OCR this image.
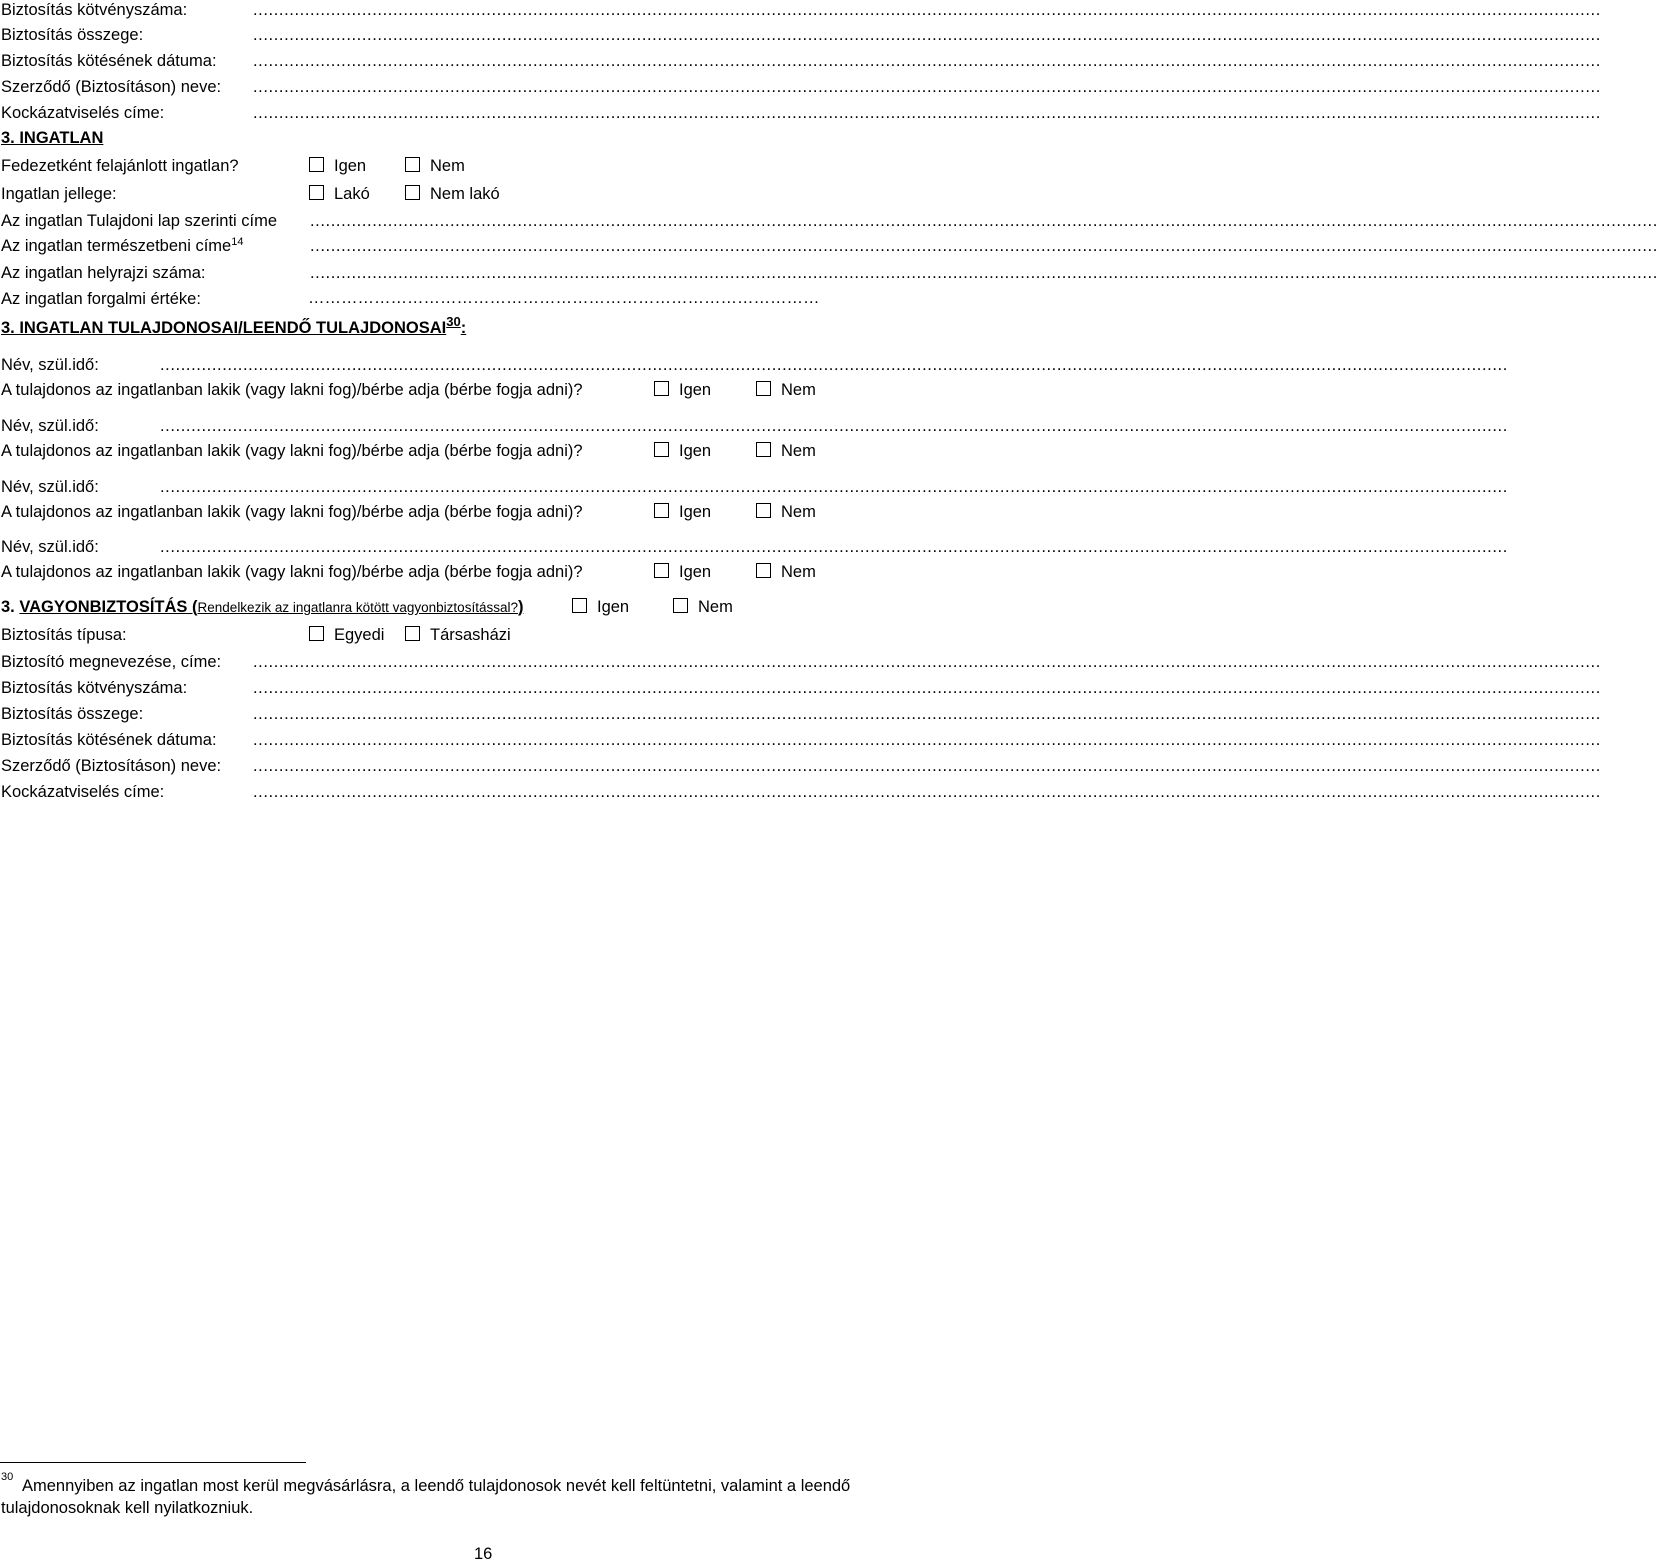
Biztosítás kötvényszáma:	....................................................................................................................................................................................................................................................................
Biztosítás összege:	....................................................................................................................................................................................................................................................................
Biztosítás kötésének dátuma: ....................................................................................................................................................................................................................................................................
Szerződő (Biztosításon) neve: ....................................................................................................................................................................................................................................................................
Kockázatviselés címe:	....................................................................................................................................................................................................................................................................
3. INGATLAN
Fedezetként felajánlott ingatlan?	Igen	Nem
Ingatlan jellege:	Lakó	Nem lakó
Az ingatlan Tulajdoni lap szerinti címe ....................................................................................................................................................................................................................................................................
Az ingatlan természetbeni címe$^{14}$	....................................................................................................................................................................................................................................................................
Az ingatlan helyrajzi száma:	....................................................................................................................................................................................................................................................................
Az ingatlan forgalmi értéke:	…………………………………………………………………………………
3. INGATLAN TULAJDONOSAI/LEENDŐ TULAJDONOSAI$^{30}$:
Név, szül.idő:	....................................................................................................................................................................................................................................................................
A tulajdonos az ingatlanban lakik (vagy lakni fog)/bérbe adja (bérbe fogja adni)?	Igen	Nem
Név, szül.idő:	....................................................................................................................................................................................................................................................................
A tulajdonos az ingatlanban lakik (vagy lakni fog)/bérbe adja (bérbe fogja adni)?	Igen	Nem
Név, szül.idő:	....................................................................................................................................................................................................................................................................
A tulajdonos az ingatlanban lakik (vagy lakni fog)/bérbe adja (bérbe fogja adni)?	Igen	Nem
Név, szül.idő:	....................................................................................................................................................................................................................................................................
A tulajdonos az ingatlanban lakik (vagy lakni fog)/bérbe adja (bérbe fogja adni)?	Igen	Nem
3. VAGYONBIZTOSÍTÁS (Rendelkezik az ingatlanra kötött vagyonbiztosítással?)	Igen	Nem
Biztosítás típusa:	Egyedi	Társasházi
Biztosító megnevezése, címe: ....................................................................................................................................................................................................................................................................
Biztosítás kötvényszáma:	....................................................................................................................................................................................................................................................................
Biztosítás összege:	....................................................................................................................................................................................................................................................................
Biztosítás kötésének dátuma: ....................................................................................................................................................................................................................................................................
Szerződő (Biztosításon) neve: ....................................................................................................................................................................................................................................................................
Kockázatviselés címe:	....................................................................................................................................................................................................................................................................
30 Amennyiben az ingatlan most kerül megvásárlásra, a leendő tulajdonosok nevét kell feltüntetni, valamint a leendő
tulajdonosoknak kell nyilatkozniuk.
16
